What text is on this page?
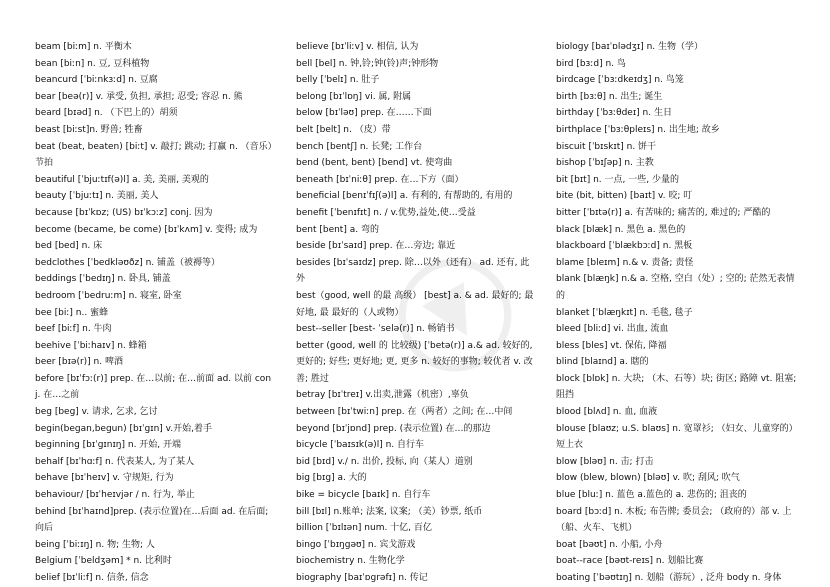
beam [biːm] n. 平衡木

bean [biːn] n. 豆, 豆科植物

beancurd [ˈbiːnkɜːd] n. 豆腐

bear [beə(r)] v. 承受, 负担, 承担; 忍受; 容忍 n. 熊

beard [bɪəd] n. （下巴上的）胡须

beast [biːst]n. 野兽; 牲畜

beat (beat, beaten) [biːt] v. 敲打; 跳动; 打赢 n. （音乐）节拍

beautiful [ˈbjuːtɪf(ə)l] a. 美, 美丽, 美观的

beauty [ˈbjuːtɪ] n. 美丽, 美人

because [bɪˈkɒz; (US) bɪˈkɔːz] conj. 因为

become (became, be come) [bɪˈkʌm] v. 变得; 成为

bed [bed] n. 床

bedclothes [ˈbedkləʊðz] n. 铺盖（被褥等）

beddings [ˈbedɪŋ] n. 卧具, 铺盖

bedroom [ˈbedruːm] n. 寝室, 卧室

bee [biː] n.. 蜜蜂

beef [biːf] n. 牛肉

beehive [ˈbiːhaɪv] n. 蜂箱

beer [bɪə(r)] n. 啤酒

before [bɪˈfɔː(r)] prep. 在…以前; 在…前面 ad. 以前 conj. 在…之前

beg [beg] v. 请求, 乞求, 乞讨

begin(began,begun) [bɪˈgɪn] v.开始,着手

beginning [bɪˈgɪnɪŋ] n. 开始, 开端

behalf [bɪˈhɑːf] n. 代表某人, 为了某人

behave [bɪˈheɪv] v. 守规矩, 行为

behaviour/ [bɪˈheɪvjər / n. 行为, 举止

behind [bɪˈhaɪnd]prep. (表示位置)在…后面 ad. 在后面; 向后

being [ˈbiːɪŋ] n. 物; 生物; 人

Belgium [ˈbeldʒəm] * n. 比利时

belief [bɪˈliːf] n. 信条, 信念

believe [bɪˈliːv] v. 相信, 认为

bell [bel] n. 钟,铃;钟(铃)声;钟形物

belly [ˈbelɪ] n. 肚子

belong [bɪˈlɒŋ] vi. 属, 附属

below [bɪˈləʊ] prep. 在……下面

belt [belt] n. （皮）带

bench [bentʃ] n. 长凳; 工作台

bend (bent, bent) [bend] vt. 使弯曲

beneath [bɪˈniːθ] prep. 在…下方（面）

beneficial [benɪˈfɪʃ(ə)l] a. 有利的, 有帮助的, 有用的

benefit [ˈbenɪfɪt] n. / v.优势,益处,使…受益

bent [bent] a. 弯的

beside [bɪˈsaɪd] prep. 在…旁边; 靠近

besides [bɪˈsaɪdz] prep. 除…以外（还有） ad. 还有, 此外

best（good, well 的最 高级） [best] a. & ad. 最好的; 最好地, 最 最好的（人或物）

best--seller [best- ˈselə(r)] n. 畅销书

better (good, well 的 比较级) [ˈbetə(r)] a.& ad. 较好的, 更好的; 好些; 更好地; 更, 更多 n. 较好的事物; 较优者 v. 改善; 胜过

betray [bɪˈtreɪ] v.出卖,泄露（机密）,辜负

between [bɪˈtwiːn] prep. 在（两者）之间; 在…中间

beyond [bɪˈjɒnd] prep. (表示位置) 在…的那边

bicycle [ˈbaɪsɪk(ə)l] n. 自行车

bid [bɪd] v./ n. 出价, 投标, 向（某人）道别

big [bɪg] a. 大的

bike = bicycle [baɪk] n. 自行车

bill [bɪl] n.账单; 法案, 议案; （美）钞票, 纸币

billion [ˈbɪlɪən] num. 十亿, 百亿

bingo [ˈbɪŋgəʊ] n. 宾戈游戏

biochemistry n. 生物化学

biography [baɪˈɒgrəfɪ] n. 传记

biology [baɪˈɒlədʒɪ] n. 生物（学）

bird [bɜːd] n. 鸟

birdcage [ˈbɜːdkeɪdʒ] n. 鸟笼

birth [bɜːθ] n. 出生; 诞生

birthday [ˈbɜːθdeɪ] n. 生日

birthplace [ˈbɜːθpleɪs] n. 出生地; 故乡

biscuit [ˈbɪskɪt] n. 饼干

bishop [ˈbɪʃəp] n. 主教

bit [bɪt] n. 一点, 一些, 少量的

bite (bit, bitten) [baɪt] v. 咬; 叮

bitter [ˈbɪtə(r)] a. 有苦味的; 痛苦的, 难过的; 严酷的

black [blæk] n. 黑色 a. 黑色的

blackboard [ˈblækbɔːd] n. 黑板

blame [bleɪm] n.& v. 责备; 责怪

blank [blæŋk] n.& a. 空格, 空白（处）; 空的; 茫然无表情的

blanket [ˈblæŋkɪt] n. 毛毯, 毯子

bleed [bliːd] vi. 出血, 流血

bless [bles] vt. 保佑, 降福

blind [blaɪnd] a. 瞎的

block [blɒk] n. 大块; （木、石等）块; 街区; 路障 vt. 阻塞; 阻挡

blood [blʌd] n. 血, 血液

blouse [blaʊz; u.S. blaʊs] n. 宽罩衫; （妇女、儿童穿的）短上衣

blow [bləʊ] n. 击; 打击

blow (blew, blown) [bləʊ] v. 吹; 刮风; 吹气

blue [bluː] n. 蓝色 a.蓝色的 a. 悲伤的; 沮丧的

board [bɔːd] n. 木板; 布告牌; 委员会; （政府的）部 v. 上（船、火车、飞机）

boat [bəʊt] n. 小船, 小舟

boat--race [bəʊt-reɪs] n. 划船比赛

boating [ˈbəʊtɪŋ] n. 划船（游玩）, 泛舟 body n. 身体
